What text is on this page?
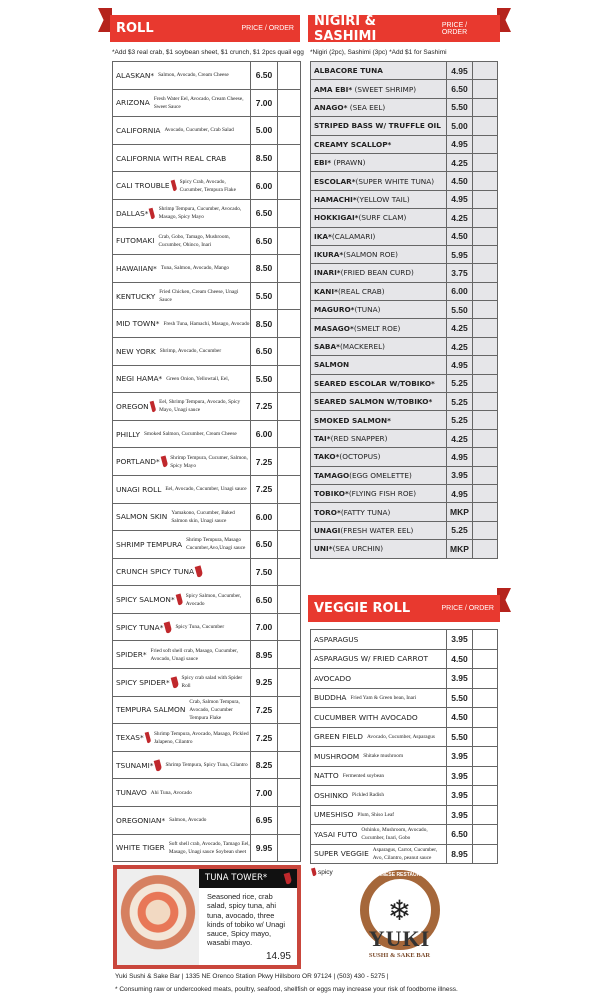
ROLL	PRICE / ORDER
*Add $3 real crab, $1 soybean sheet, $1 crunch, $1 2pcs quail egg
ALASKAN* Salmon, Avocado, Cream Cheese	6.50	

ARIZONA Fresh Water Eel, Avocado, Cream Cheese, Sweet Sauce	7.00	

CALIFORNIA Avocado, Cucumber, Crab Salad	5.00	

CALIFORNIA WITH REAL CRAB	8.50	

CALI TROUBLE Spicy Crab, Avocado, Cucumber, Tempura Flake	6.00	

DALLAS* Shrimp Tempura, Cucumber, Avocado, Masago, Spicy Mayo	6.50	

FUTOMAKI Crab, Gobo, Tamago, Mushroom, Cucumber, Ohinco, Inari	6.50	

HAWAIIAN* Tuna, Salmon, Avocado, Mango	8.50	

KENTUCKY Fried Chicken, Cream Cheese, Unagi Sauce	5.50	

MID TOWN* Fresh Tuna, Hamachi, Masago, Avocado	8.50	

NEW YORK Shrimp, Avocado, Cucumber	6.50	

NEGI HAMA* Green Onion, Yellowtail, Eel,	5.50	

OREGON Eel, Shrimp Tempura, Avocado, Spicy Mayo, Unagi sauce	7.25	

PHILLY Smoked Salmon, Cucumber, Cream Cheese	6.00	

PORTLAND* Shrimp Tempura, Cucumer, Salmon, Spicy Mayo	7.25	

UNAGI ROLL Eel, Avocado, Cucumber, Unagi sauce	7.25	

SALMON SKIN Yamakono, Cucumber, Baked Salmon skin, Unagi sauce	6.00	

SHRIMP TEMPURA Shrimp Tempura, Masago Cucumber,Avo,Unagi sauce	6.50	

CRUNCH SPICY TUNA	7.50	

SPICY SALMON* Spicy Salmon, Cucumber, Avocado	6.50	

SPICY TUNA* Spicy Tuna, Cucumber	7.00	

SPIDER* Fried soft shell crab, Masago, Cucumber, Avocado, Unagi sauce	8.95	

SPICY SPIDER* Spicy crab salad with Spider Roll	9.25	

TEMPURA SALMON
Crab, Salmon Tempura, Avocado, Cucumber Tempura Flake	7.25	

TEXAS* Shrimp Tempura, Avocado, Masago, Pickled Jalapeno, Cilantro	7.25	

TSUNAMI* Shrimp Tempura, Spicy Tuna, Cilantro	8.25	

TUNAVO Ahi Tuna, Avocado	7.00	

OREGONIAN* Salmon, Avocado	6.95	

WHITE TIGER Soft shell crab, Avocado, Tamago Eel, Masago, Unagi sauce Soybean sheet	9.95	
NIGIRI & SASHIMI
PRICE / ORDER
*Nigiri (2pc), Sashimi (3pc) *Add $1 for Sashimi
ALBACORE TUNA	4.95	

AMA EBI* (SWEET SHRIMP)	6.50	

ANAGO* (SEA EEL)	5.50	

STRIPED BASS W/ TRUFFLE OIL	5.00	

CREAMY SCALLOP*	4.95	

EBI* (PRAWN)	4.25	

ESCOLAR*(SUPER WHITE TUNA)	4.50	

HAMACHI*(YELLOW TAIL)	4.95	

HOKKIGAI*(SURF CLAM)	4.25	

IKA*(CALAMARI)	4.50	

IKURA*(SALMON ROE)	5.95	

INARI*(FRIED BEAN CURD)	3.75	

KANI*(REAL CRAB)	6.00	

MAGURO*(TUNA)	5.50	

MASAGO*(SMELT ROE)	4.25	

SABA*(MACKEREL)	4.25	

SALMON	4.95	

SEARED ESCOLAR W/TOBIKO*	5.25	

SEARED SALMON W/TOBIKO*	5.25	

SMOKED SALMON*	5.25	

TAI*(RED SNAPPER)	4.25	

TAKO*(OCTOPUS)	4.95	

TAMAGO(EGG OMELETTE)	3.95	

TOBIKO*(FLYING FISH ROE)	4.95	

TORO*(FATTY TUNA)	MKP	

UNAGI(FRESH WATER EEL)	5.25	

UNI*(SEA URCHIN)	MKP	
VEGGIE ROLL	PRICE / ORDER
ASPARAGUS	3.95	

ASPARAGUS W/ FRIED CARROT	4.50	

AVOCADO	3.95	

BUDDHA Fried Yam & Green bean, Inari	5.50	

CUCUMBER WITH AVOCADO	4.50	

GREEN FIELD Avocado, Cucumber, Asparagus	5.50	

MUSHROOM Shitake mushroom	3.95	

NATTO Fermented soybean	3.95	

OSHINKO Pickled Radish	3.95	

UMESHISO Plum, Shiso Leaf	3.95	

YASAI FUTO Oshinko, Mushroom, Avocado, Cucumber, Inari, Gobo	6.50	

SUPER VEGGIE Asparagus, Carrot, Cucumber, Avo, Cilantro, peanut sauce	8.95	
spicy
TUNA TOWER*
Seasoned rice, crab salad, spicy tuna, ahi tuna, avocado, three kinds of tobiko w/ Unagi sauce, Spicy mayo, wasabi mayo.
14.95
JAPANESE RESTAURANT
❄
YUKI
SUSHI & SAKE BAR
Yuki Sushi & Sake Bar | 1335 NE Orenco Station Pkwy Hillsboro OR 97124 | (503) 430 - 5275 |
* Consuming raw or undercooked meats, poultry, seafood, shellfish or eggs may increase your risk of foodborne illness.
